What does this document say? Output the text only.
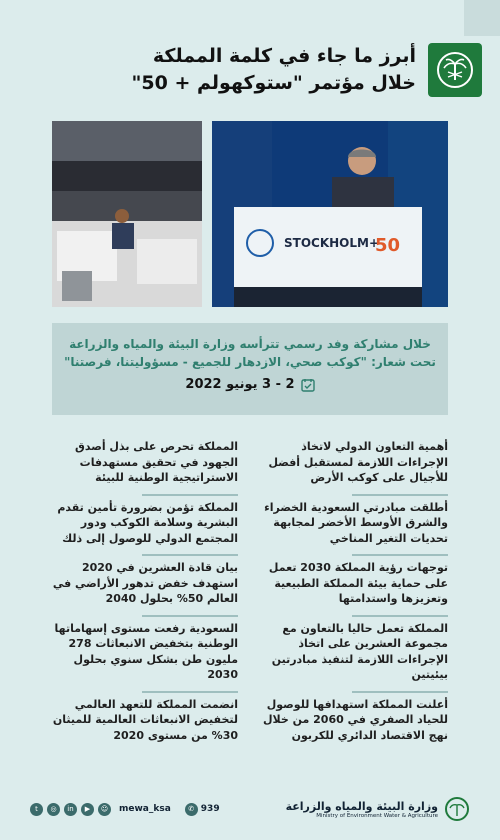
أبرز ما جاء في كلمة المملكة
خلال مؤتمر "ستوكهولم + 50"
STOCKHOLM+
50
خلال مشاركة وفد رسمي تترأسه وزارة البيئة والمياه والزراعة
تحت شعار: "كوكب صحي، الازدهار للجميع - مسؤوليتنا، فرصتنا"
2 - 3 يونيو 2022
أهمية التعاون الدولي لاتخاذ الإجراءات اللازمة لمستقبل أفضل للأجيال على كوكب الأرض
المملكة تحرص على بذل أصدق الجهود في تحقيق مستهدفات الاستراتيجية الوطنية للبيئة
أطلقت مبادرتي السعودية الخضراء والشرق الأوسط الأخضر لمجابهة تحديات التغير المناخي
المملكة تؤمن بضرورة تأمين تقدم البشرية وسلامة الكوكب ودور المجتمع الدولي للوصول إلى ذلك
توجهات رؤية المملكة 2030 تعمل على حماية بيئة المملكة الطبيعية وتعزيزها واستدامتها
بيان قادة العشرين في 2020 استهدف خفض تدهور الأراضي في العالم 50% بحلول 2040
المملكة تعمل حاليا بالتعاون مع مجموعة العشرين على اتخاذ الإجراءات اللازمة لتنفيذ مبادرتين بيئيتين
السعودية رفعت مستوى إسهاماتها الوطنية بتخفيض الانبعاثات 278 مليون طن بشكل سنوي بحلول 2030
أعلنت المملكة استهدافها للوصول للحياد الصفري في 2060 من خلال نهج الاقتصاد الدائري للكربون
انضمت المملكة للتعهد العالمي لتخفيض الانبعاثات العالمية للميثان 30% من مستوى 2020
t	◎	in	▶	☺	mewa_ksa	✆ 939	وزارة البيئة والمياه والزراعة
Ministry of Environment Water & Agriculture
